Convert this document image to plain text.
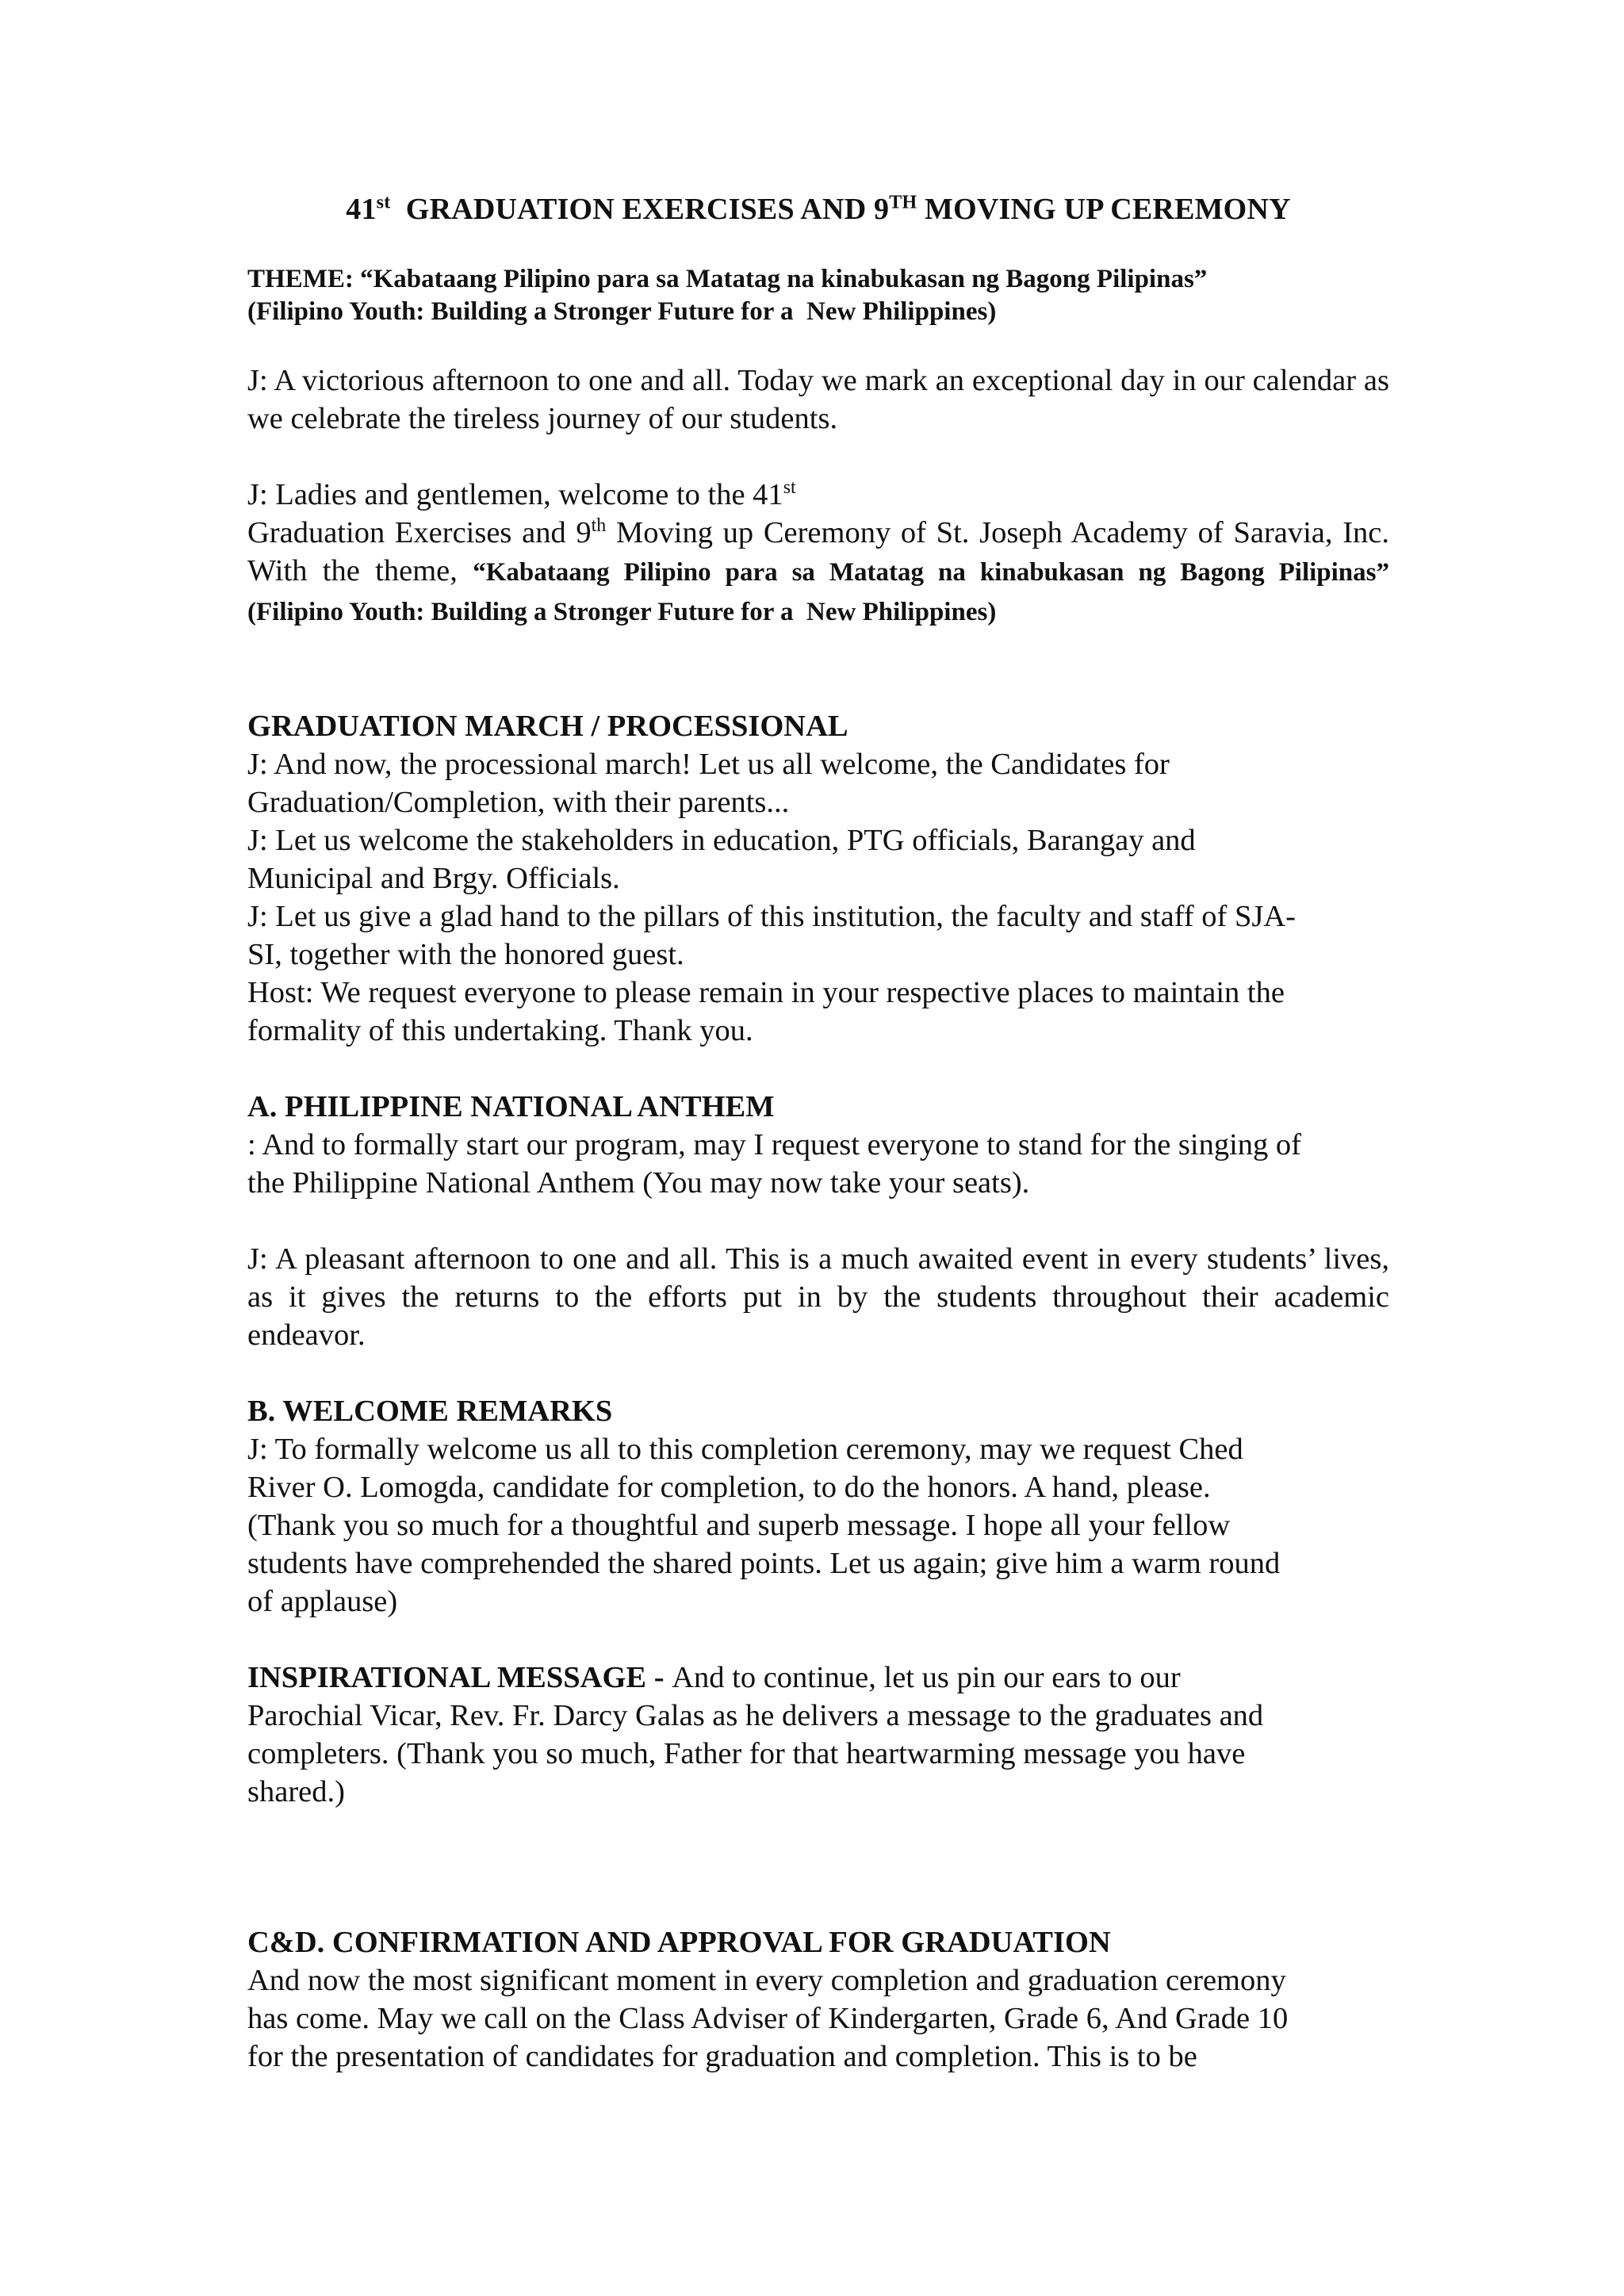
41st  GRADUATION EXERCISES AND 9TH MOVING UP CEREMONY

THEME: “Kabataang Pilipino para sa Matatag na kinabukasan ng Bagong Pilipinas”

(Filipino Youth: Building a Stronger Future for a  New Philippines)

J: A victorious afternoon to one and all. Today we mark an exceptional day in our calendar as we celebrate the tireless journey of our students.

J: Ladies and gentlemen, welcome to the 41st

Graduation Exercises and 9th Moving up Ceremony of St. Joseph Academy of Saravia, Inc. With the theme, “Kabataang Pilipino para sa Matatag na kinabukasan ng Bagong Pilipinas” (Filipino Youth: Building a Stronger Future for a  New Philippines)

GRADUATION MARCH / PROCESSIONAL

J: And now, the processional march! Let us all welcome, the Candidates for

Graduation/Completion, with their parents...

J: Let us welcome the stakeholders in education, PTG officials, Barangay and

Municipal and Brgy. Officials.

J: Let us give a glad hand to the pillars of this institution, the faculty and staff of SJA-

SI, together with the honored guest.

Host: We request everyone to please remain in your respective places to maintain the

formality of this undertaking. Thank you.

A. PHILIPPINE NATIONAL ANTHEM

: And to formally start our program, may I request everyone to stand for the singing of

the Philippine National Anthem (You may now take your seats).

J: A pleasant afternoon to one and all. This is a much awaited event in every students’ lives, as it gives the returns to the efforts put in by the students throughout their academic endeavor.

B. WELCOME REMARKS

J: To formally welcome us all to this completion ceremony, may we request Ched

River O. Lomogda, candidate for completion, to do the honors. A hand, please.

(Thank you so much for a thoughtful and superb message. I hope all your fellow

students have comprehended the shared points. Let us again; give him a warm round

of applause)

INSPIRATIONAL MESSAGE - And to continue, let us pin our ears to our

Parochial Vicar, Rev. Fr. Darcy Galas as he delivers a message to the graduates and

completers. (Thank you so much, Father for that heartwarming message you have

shared.)

C&D. CONFIRMATION AND APPROVAL FOR GRADUATION

And now the most significant moment in every completion and graduation ceremony

has come. May we call on the Class Adviser of Kindergarten, Grade 6, And Grade 10

for the presentation of candidates for graduation and completion. This is to be
